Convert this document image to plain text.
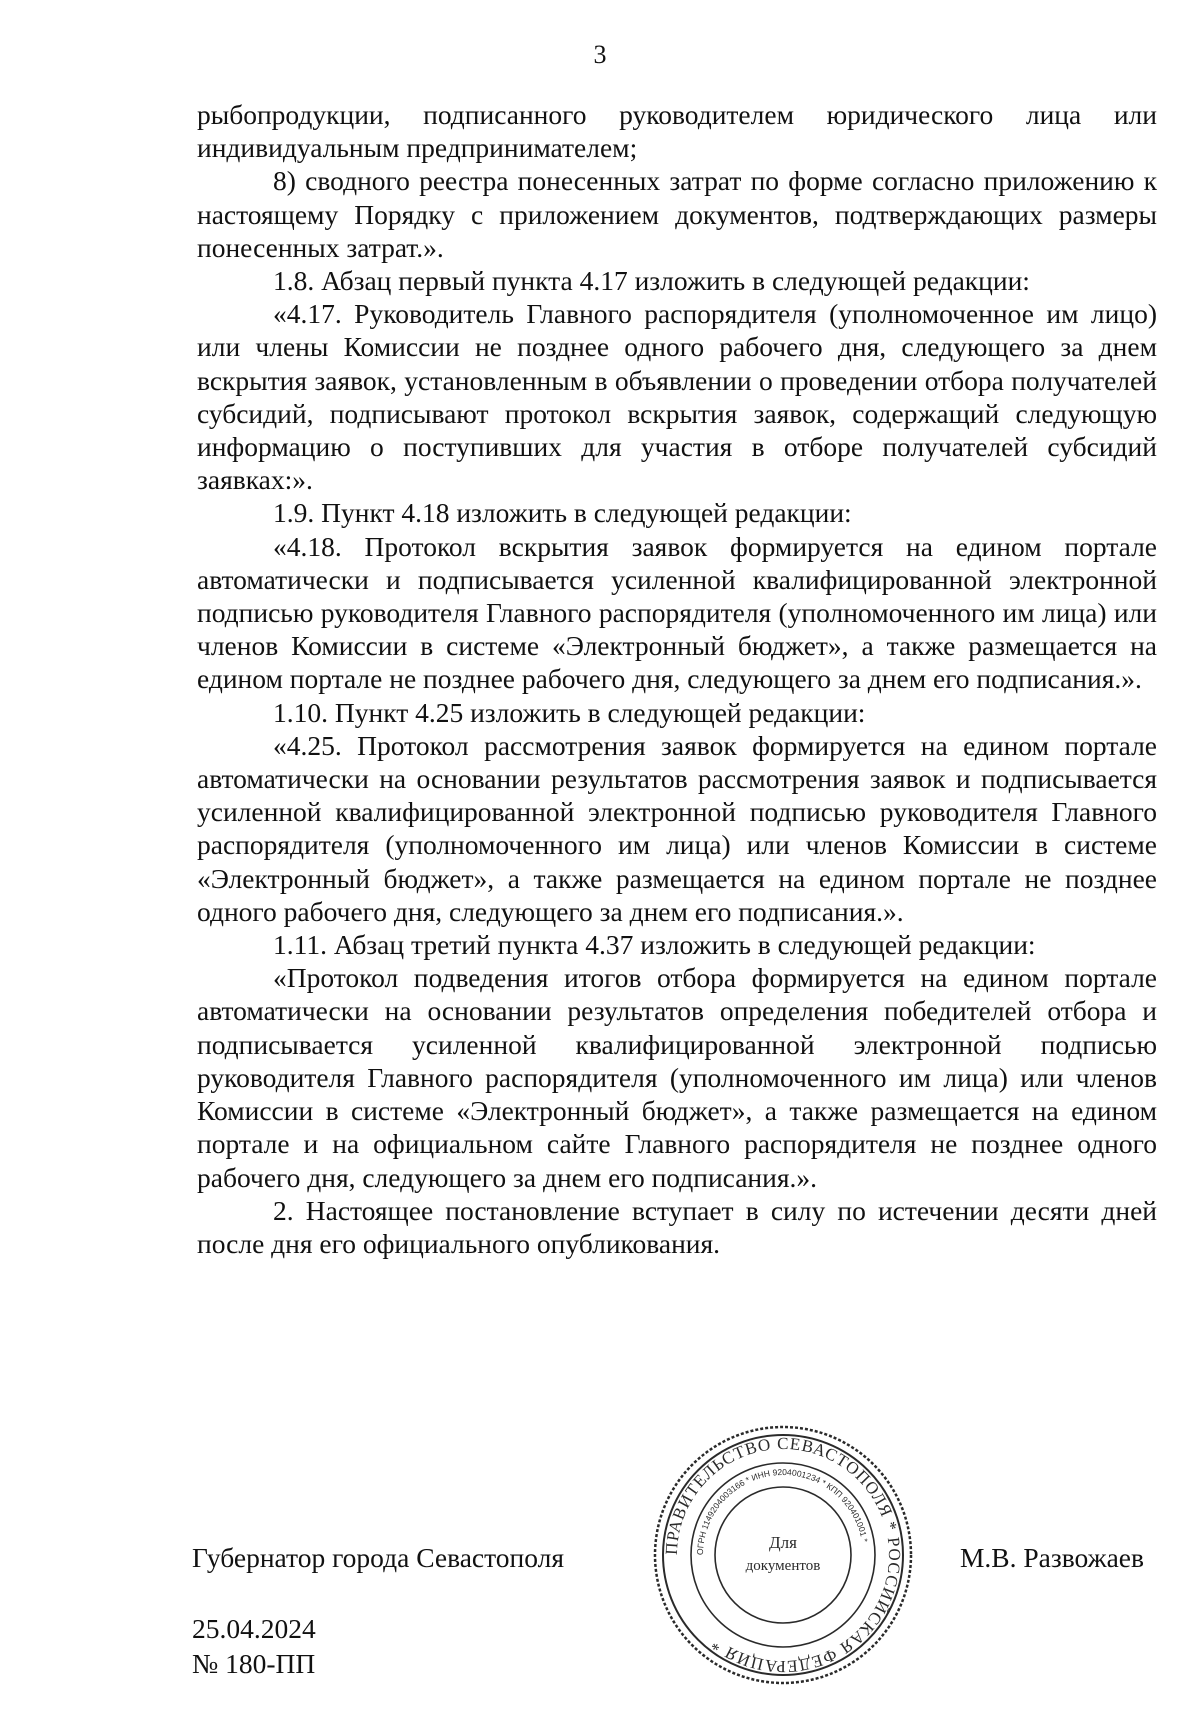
3

рыбопродукции, подписанного руководителем юридического лица или индивидуальным предпринимателем;

8) сводного реестра понесенных затрат по форме согласно приложению к настоящему Порядку с приложением документов, подтверждающих размеры понесенных затрат.».

1.8. Абзац первый пункта 4.17 изложить в следующей редакции:

«4.17. Руководитель Главного распорядителя (уполномоченное им лицо) или члены Комиссии не позднее одного рабочего дня, следующего за днем вскрытия заявок, установленным в объявлении о проведении отбора получателей субсидий, подписывают протокол вскрытия заявок, содержащий следующую информацию о поступивших для участия в отборе получателей субсидий заявках:».

1.9. Пункт 4.18 изложить в следующей редакции:

«4.18. Протокол вскрытия заявок формируется на едином портале автоматически и подписывается усиленной квалифицированной электронной подписью руководителя Главного распорядителя (уполномоченного им лица) или членов Комиссии в системе «Электронный бюджет», а также размещается на едином портале не позднее рабочего дня, следующего за днем его подписания.».

1.10. Пункт 4.25 изложить в следующей редакции:

«4.25. Протокол рассмотрения заявок формируется на едином портале автоматически на основании результатов рассмотрения заявок и подписывается усиленной квалифицированной электронной подписью руководителя Главного распорядителя (уполномоченного им лица) или членов Комиссии в системе «Электронный бюджет», а также размещается на едином портале не позднее одного рабочего дня, следующего за днем его подписания.».

1.11. Абзац третий пункта 4.37 изложить в следующей редакции:

«Протокол подведения итогов отбора формируется на едином портале автоматически на основании результатов определения победителей отбора и подписывается усиленной квалифицированной электронной подписью руководителя Главного распорядителя (уполномоченного им лица) или членов Комиссии в системе «Электронный бюджет», а также размещается на едином портале и на официальном сайте Главного распорядителя не позднее одного рабочего дня, следующего за днем его подписания.».

2. Настоящее постановление вступает в силу по истечении десяти дней после дня его официального опубликования.

Губернатор города Севастополя	М.В. Развожаев
ПРАВИТЕЛЬСТВО СЕВАСТОПОЛЯ * РОССИЙСКАЯ ФЕДЕРАЦИЯ *
ОГРН 1149204003166 * ИНН 9204001234 * КПП 920401001 *
Для
документов
25.04.2024
№ 180-ПП
